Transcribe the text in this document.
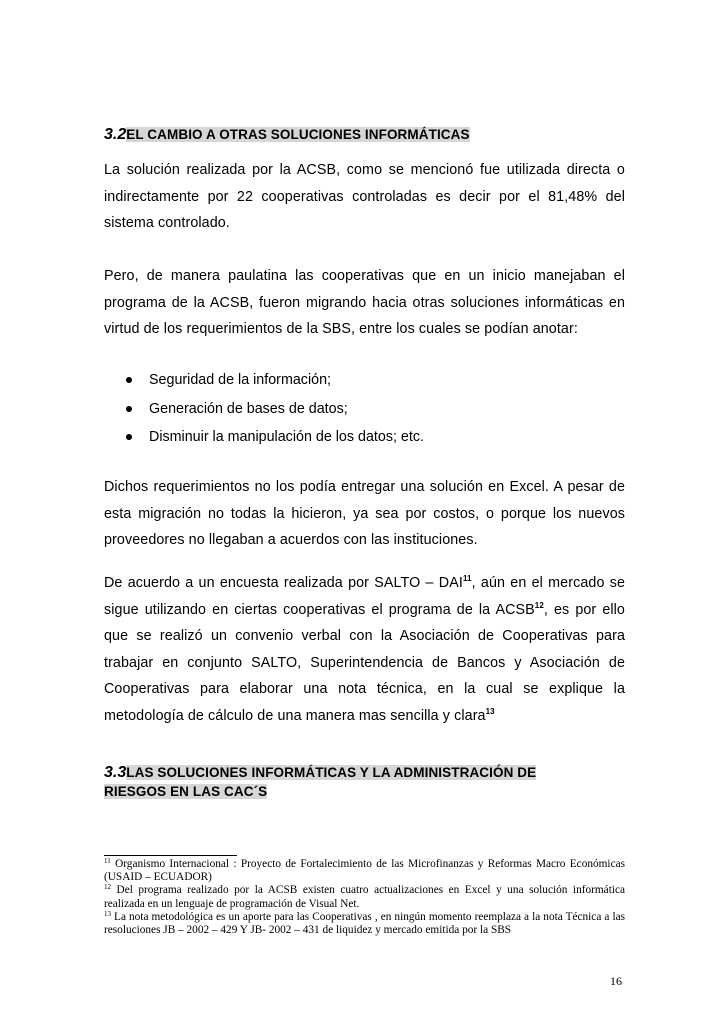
3.2EL CAMBIO A OTRAS SOLUCIONES INFORMÁTICAS

La solución realizada por la ACSB, como se mencionó fue utilizada directa o indirectamente por 22 cooperativas controladas es decir por el 81,48% del sistema controlado.

Pero, de manera paulatina las cooperativas que en un inicio manejaban el programa de la ACSB, fueron migrando hacia otras soluciones informáticas en virtud de los requerimientos de la SBS, entre los cuales se podían anotar:

Seguridad de la información;
Generación de bases de datos;
Disminuir la manipulación de los datos; etc.

Dichos requerimientos no los podía entregar una solución en Excel. A pesar de esta migración no todas la hicieron, ya sea por costos, o porque los nuevos proveedores no llegaban a acuerdos con las instituciones.

De acuerdo a un encuesta realizada por SALTO – DAI$^{11}$, aún en el mercado se sigue utilizando en ciertas cooperativas el programa de la ACSB$^{12}$, es por ello que se realizó un convenio verbal con la Asociación de Cooperativas para trabajar en conjunto SALTO, Superintendencia de Bancos y Asociación de Cooperativas para elaborar una nota técnica, en la cual se explique la metodología de cálculo de una manera mas sencilla y clara$^{13}$

3.3LAS SOLUCIONES INFORMÁTICAS Y LA ADMINISTRACIÓN DE
RIESGOS EN LAS CAC´S
$^{11}$ Organismo Internacional : Proyecto de Fortalecimiento de las Microfinanzas y Reformas Macro Económicas (USAID – ECUADOR)
$^{12}$ Del programa realizado por la ACSB existen cuatro actualizaciones en Excel y una solución informática realizada en un lenguaje de programación de Visual Net.
$^{13}$ La nota metodológica es un aporte para las Cooperativas , en ningún momento reemplaza a la nota Técnica a las resoluciones JB – 2002 – 429 Y JB- 2002 – 431 de liquidez y mercado emitida por la SBS
16
